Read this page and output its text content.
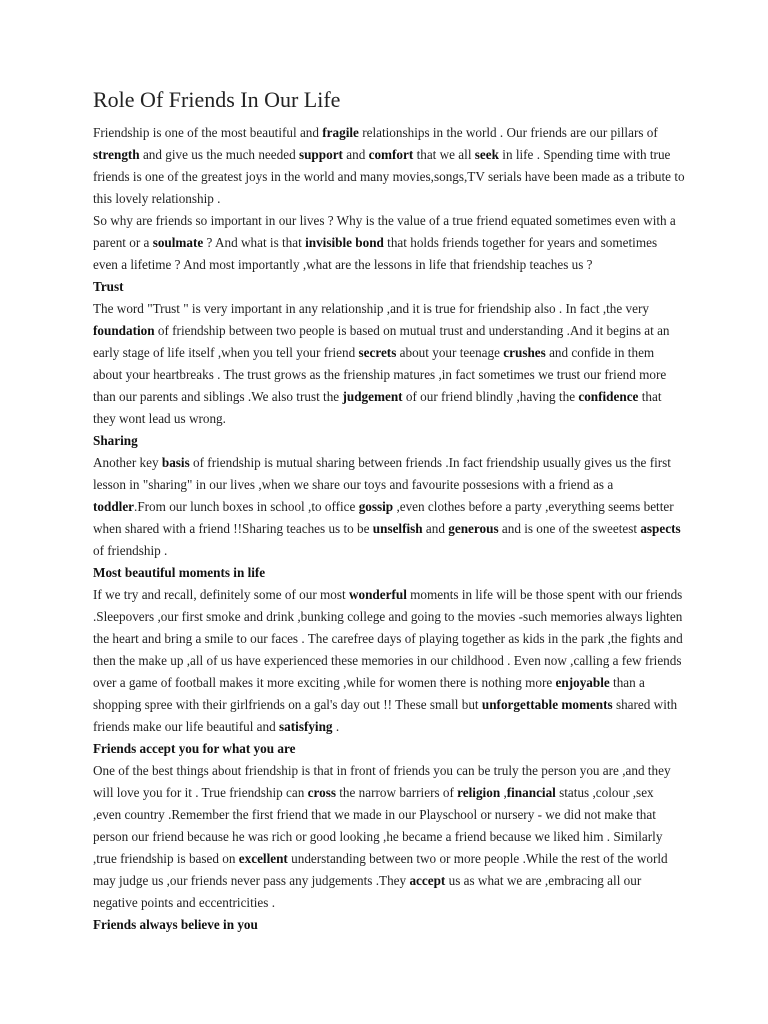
Role Of Friends In Our Life
Friendship is one of the most beautiful and fragile relationships in the world . Our friends are our pillars of strength and give us the much needed support and comfort that we all seek in life . Spending time with true friends is one of the greatest joys in the world and many movies,songs,TV serials have been made as a tribute to this lovely relationship .
So why are friends so important in our lives ? Why is the value of a true friend equated sometimes even with a parent or a soulmate ? And what is that invisible bond that holds friends together for years and sometimes even a lifetime ? And most importantly ,what are the lessons in life that friendship teaches us ?
Trust
The word "Trust " is very important in any relationship ,and it is true for friendship also . In fact ,the very foundation of friendship between two people is based on mutual trust and understanding .And it begins at an early stage of life itself ,when you tell your friend secrets about your teenage crushes and confide in them about your heartbreaks . The trust grows as the frienship matures ,in fact sometimes we trust our friend more than our parents and siblings .We also trust the judgement of our friend blindly ,having the confidence that they wont lead us wrong.
Sharing
Another key basis of friendship is mutual sharing between friends .In fact friendship usually gives us the first lesson in "sharing" in our lives ,when we share our toys and favourite possesions with a friend as a toddler.From our lunch boxes in school ,to office gossip ,even clothes before a party ,everything seems better when shared with a friend !!Sharing teaches us to be unselfish and generous and is one of the sweetest aspects of friendship .
Most beautiful moments in life
If we try and recall, definitely some of our most wonderful moments in life will be those spent with our friends .Sleepovers ,our first smoke and drink ,bunking college and going to the movies -such memories always lighten the heart and bring a smile to our faces . The carefree days of playing together as kids in the park ,the fights and then the make up ,all of us have experienced these memories in our childhood . Even now ,calling a few friends over a game of football makes it more exciting ,while for women there is nothing more enjoyable than a shopping spree with their girlfriends on a gal's day out !! These small but unforgettable moments shared with friends make our life beautiful and satisfying .
Friends accept you for what you are
One of the best things about friendship is that in front of friends you can be truly the person you are ,and they will love you for it . True friendship can cross the narrow barriers of religion ,financial status ,colour ,sex ,even country .Remember the first friend that we made in our Playschool or nursery - we did not make that person our friend because he was rich or good looking ,he became a friend because we liked him . Similarly ,true friendship is based on excellent understanding between two or more people .While the rest of the world may judge us ,our friends never pass any judgements .They accept us as what we are ,embracing all our negative points and eccentricities .
Friends always believe in you
